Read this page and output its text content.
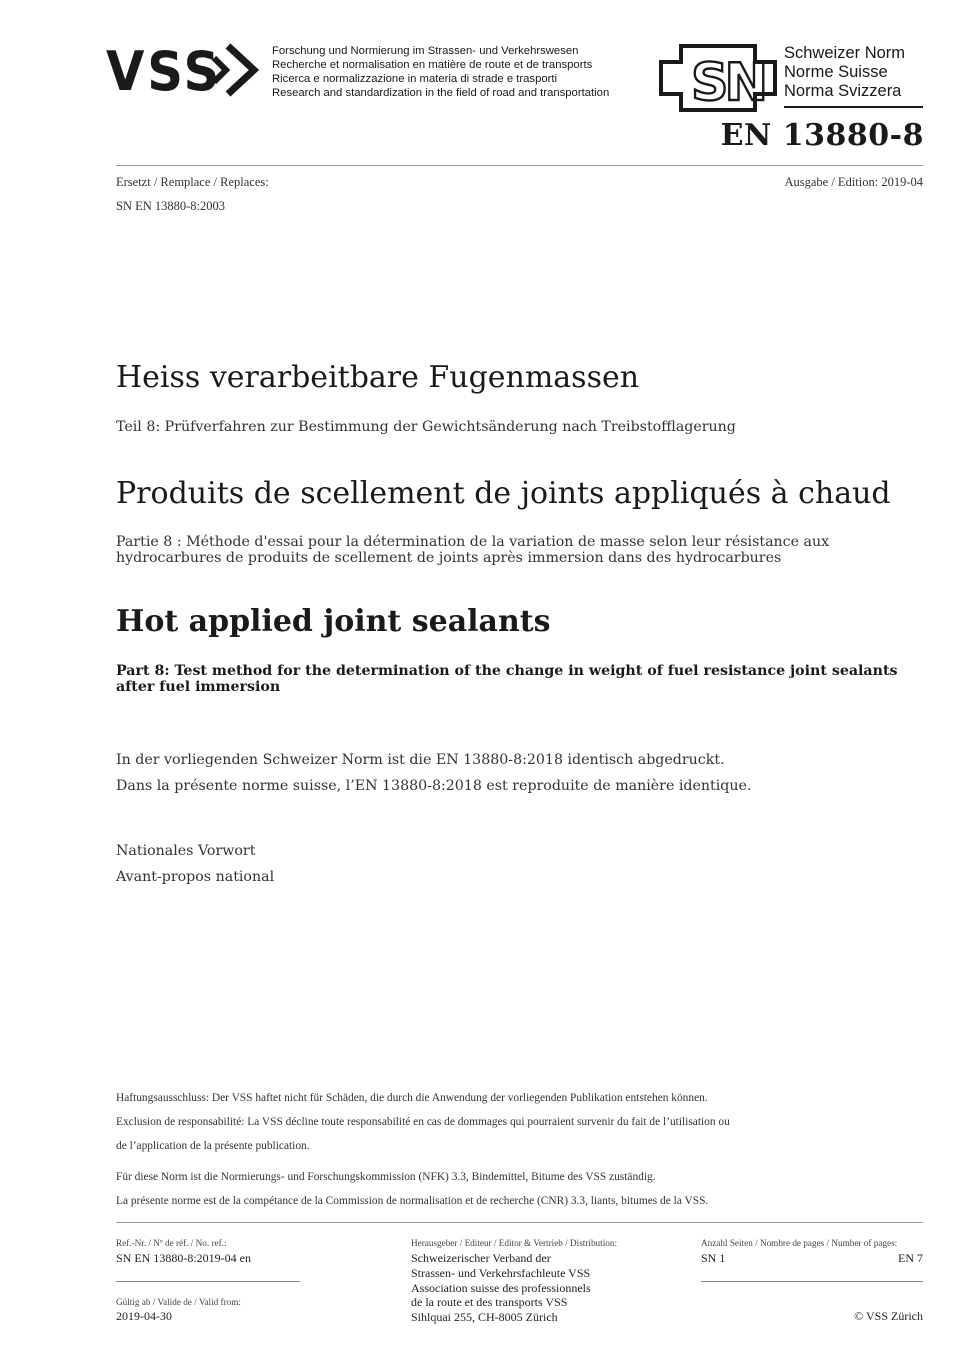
VSS	Forschung und Normierung im Strassen- und Verkehrswesen
Recherche et normalisation en matière de route et de transports
Ricerca e normalizzazione in materia di strade e trasporti
Research and standardization in the field of road and transportation SN Schweizer Norm
Norme Suisse
Norma Svizzera
EN 13880-8
Ersetzt / Remplace / Replaces:	Ausgabe / Edition: 2019-04
SN EN 13880-8:2003
Heiss verarbeitbare Fugenmassen
Teil 8: Prüfverfahren zur Bestimmung der Gewichtsänderung nach Treibstofflagerung
Produits de scellement de joints appliqués à chaud
Partie 8 : Méthode d'essai pour la détermination de la variation de masse selon leur résistance aux hydrocarbures de produits de scellement de joints après immersion dans des hydrocarbures
Hot applied joint sealants
Part 8: Test method for the determination of the change in weight of fuel resistance joint sealants after fuel immersion
In der vorliegenden Schweizer Norm ist die EN 13880-8:2018 identisch abgedruckt.
Dans la présente norme suisse, l’EN 13880-8:2018 est reproduite de manière identique.
Nationales Vorwort
Avant-propos national
Haftungsausschluss: Der VSS haftet nicht für Schäden, die durch die Anwendung der vorliegenden Publikation entstehen können.
Exclusion de responsabilité: La VSS décline toute responsabilité en cas de dommages qui pourraient survenir du fait de l’utilisation ou
de l’application de la présente publication.
Für diese Norm ist die Normierungs- und Forschungskommission (NFK) 3.3, Bindemittel, Bitume des VSS zuständig.
La présente norme est de la compétance de la Commission de normalisation et de recherche (CNR) 3.3, liants, bitumes de la VSS.
Ref.-Nr. / Nº de réf. / No. ref.:
SN EN 13880-8:2019-04 en
Gültig ab / Valide de / Valid from:
2019-04-30
Herausgeber / Editeur / Editor & Vertrieb / Distribution:
Schweizerischer Verband der
Strassen- und Verkehrsfachleute VSS
Association suisse des professionnels
de la route et des transports VSS
Sihlquai 255, CH-8005 Zürich
Anzahl Seiten / Nombre de pages / Number of pages:
SN 1	EN 7
© VSS Zürich
